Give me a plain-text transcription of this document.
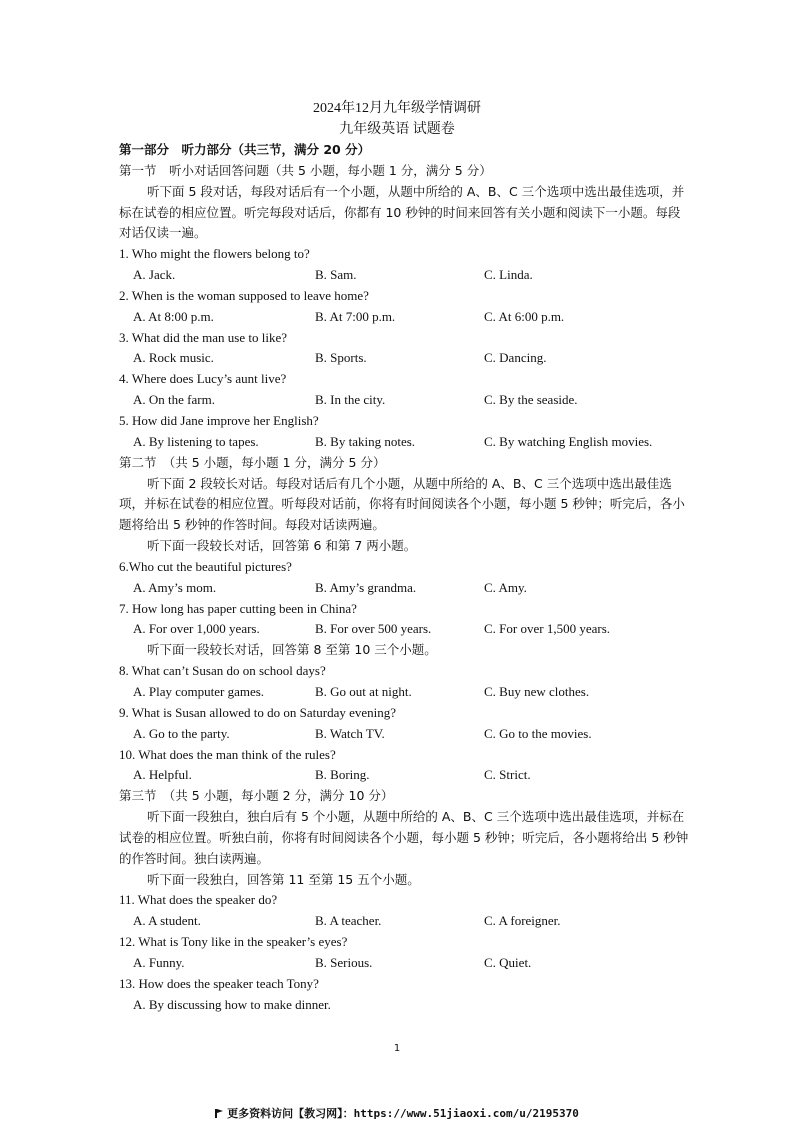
2024年12月九年级学情调研
九年级英语 试题卷
第一部分　听力部分（共三节，满分 20 分）
第一节　听小对话回答问题（共 5 小题，每小题 1 分，满分 5 分）
听下面 5 段对话，每段对话后有一个小题，从题中所给的 A、B、C 三个选项中选出最佳选项，并标在试卷的相应位置。听完每段对话后，你都有 10 秒钟的时间来回答有关小题和阅读下一小题。每段对话仅读一遍。
1. Who might the flowers belong to?
A. Jack.	B. Sam.	C. Linda.
2. When is the woman supposed to leave home?
A. At 8:00 p.m.	B. At 7:00 p.m.	C. At 6:00 p.m.
3. What did the man use to like?
A. Rock music.	B. Sports.	C. Dancing.
4. Where does Lucy’s aunt live?
A. On the farm.	B. In the city.	C. By the seaside.
5. How did Jane improve her English?
A. By listening to tapes.	B. By taking notes.	C. By watching English movies.
第二节　（共 5 小题，每小题 1 分，满分 5 分）
听下面 2 段较长对话。每段对话后有几个小题，从题中所给的 A、B、C 三个选项中选出最佳选项，并标在试卷的相应位置。听每段对话前，你将有时间阅读各个小题，每小题 5 秒钟；听完后，各小题将给出 5 秒钟的作答时间。每段对话读两遍。
听下面一段较长对话，回答第 6 和第 7 两小题。
6.Who cut the beautiful pictures?
A. Amy’s mom.	B. Amy’s grandma.	C. Amy.
7. How long has paper cutting been in China?
A. For over 1,000 years.	B. For over 500 years.	C. For over 1,500 years.
听下面一段较长对话，回答第 8 至第 10 三个小题。
8. What can’t Susan do on school days?
A. Play computer games.	B. Go out at night.	C. Buy new clothes.
9. What is Susan allowed to do on Saturday evening?
A. Go to the party.	B. Watch TV.	C. Go to the movies.
10. What does the man think of the rules?
A. Helpful.	B. Boring.	C. Strict.
第三节　（共 5 小题，每小题 2 分，满分 10 分）
听下面一段独白，独白后有 5 个小题，从题中所给的 A、B、C 三个选项中选出最佳选项，并标在试卷的相应位置。听独白前，你将有时间阅读各个小题，每小题 5 秒钟；听完后，各小题将给出 5 秒钟的作答时间。独白读两遍。
听下面一段独白，回答第 11 至第 15 五个小题。
11. What does the speaker do?
A. A student.	B. A teacher.	C. A foreigner.
12. What is Tony like in the speaker’s eyes?
A. Funny.	B. Serious.	C. Quiet.
13. How does the speaker teach Tony?
A. By discussing how to make dinner.
1
更多资料访问【教习网】：https://www.51jiaoxi.com/u/2195370
